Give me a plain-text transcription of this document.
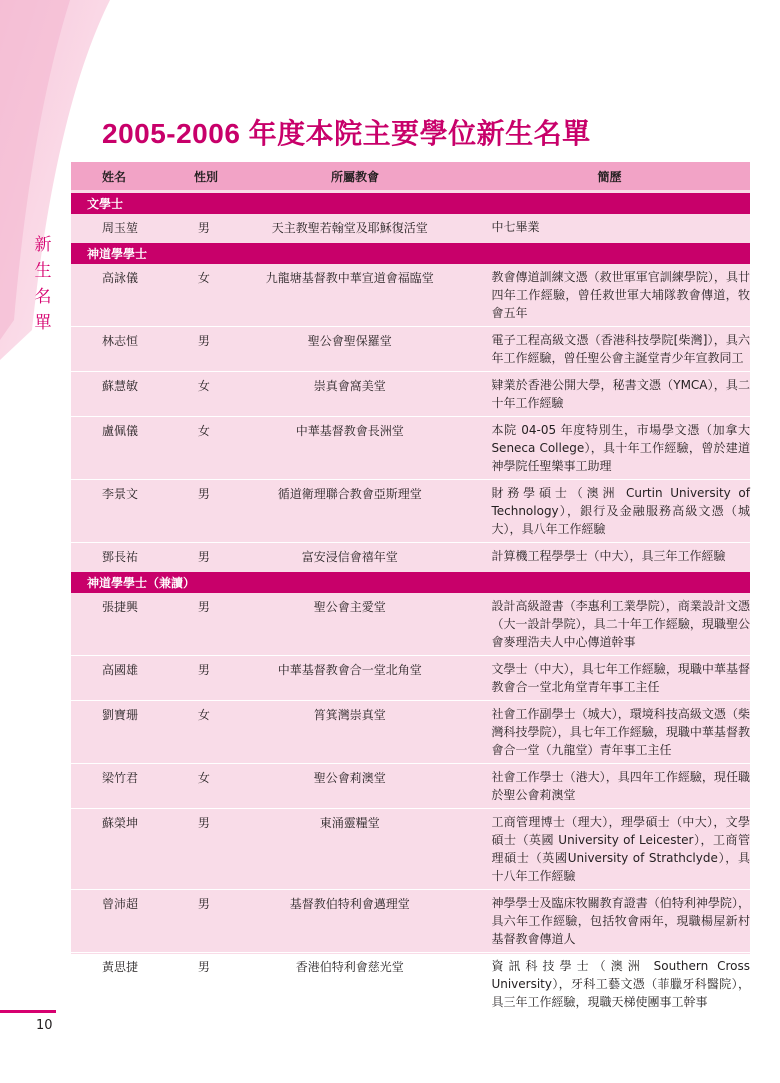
新
生
名
單
2005-2006 年度本院主要學位新生名單
姓名	性別	所屬教會	簡歷
文學士
周玉堃	男	天主教聖若翰堂及耶穌復活堂	中七畢業
神道學學士
高詠儀	女	九龍塘基督教中華宣道會福臨堂	教會傳道訓練文憑（救世軍軍官訓練學院），具廿四年工作經驗，曾任救世軍大埔隊教會傳道，牧會五年
林志恒	男	聖公會聖保羅堂	電子工程高級文憑（香港科技學院[柴灣]），具六年工作經驗，曾任聖公會主誕堂青少年宣教同工
蘇慧敏	女	崇真會窩美堂	肄業於香港公開大學，秘書文憑（YMCA），具二十年工作經驗
盧佩儀	女	中華基督教會長洲堂	本院 04-05 年度特別生，市場學文憑（加拿大 Seneca College），具十年工作經驗，曾於建道神學院任聖樂事工助理
李景文	男	循道衛理聯合教會亞斯理堂	財務學碩士（澳洲 Curtin University of Technology），銀行及金融服務高級文憑（城大），具八年工作經驗
鄧長祐	男	富安浸信會禧年堂	計算機工程學學士（中大），具三年工作經驗
神道學學士（兼讀）
張捷興	男	聖公會主愛堂	設計高級證書（李惠利工業學院），商業設計文憑（大一設計學院），具二十年工作經驗，現職聖公會麥理浩夫人中心傳道幹事
高國雄	男	中華基督教會合一堂北角堂	文學士（中大），具七年工作經驗，現職中華基督教會合一堂北角堂青年事工主任
劉寶珊	女	筲箕灣崇真堂	社會工作副學士（城大），環境科技高級文憑（柴灣科技學院），具七年工作經驗，現職中華基督教會合一堂（九龍堂）青年事工主任
梁竹君	女	聖公會莉澳堂	社會工作學士（港大），具四年工作經驗，現任職於聖公會莉澳堂
蘇榮坤	男	東涌靈糧堂	工商管理博士（理大），理學碩士（中大），文學碩士（英國 University of Leicester），工商管理碩士（英國University of Strathclyde），具十八年工作經驗
曾沛超	男	基督教伯特利會邁理堂	神學學士及臨床牧關教育證書（伯特利神學院），具六年工作經驗，包括牧會兩年，現職楊屋新村基督教會傳道人
黃思捷	男	香港伯特利會慈光堂	資訊科技學士（澳洲 Southern Cross University），牙科工藝文憑（菲臘牙科醫院），具三年工作經驗，現職天梯使團事工幹事
10
